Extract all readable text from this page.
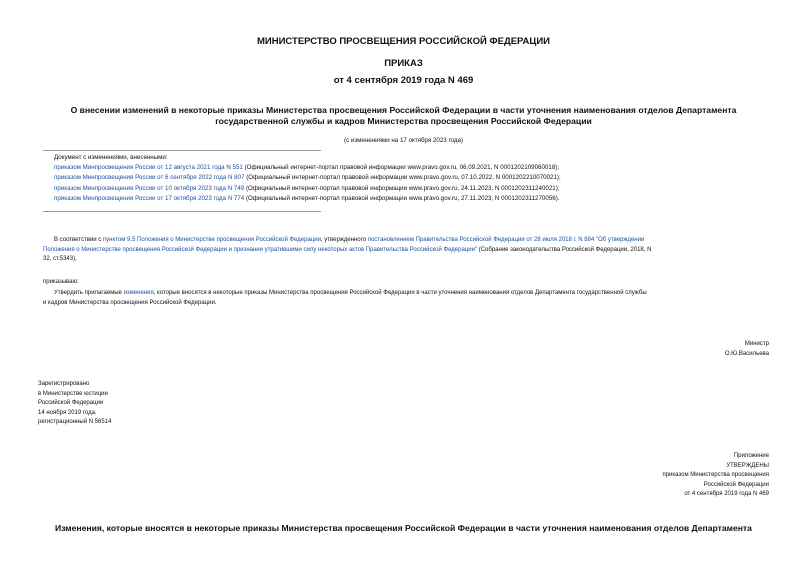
МИНИСТЕРСТВО ПРОСВЕЩЕНИЯ РОССИЙСКОЙ ФЕДЕРАЦИИ
ПРИКАЗ
от 4 сентября 2019 года N 469
О внесении изменений в некоторые приказы Министерства просвещения Российской Федерации в части уточнения наименования отделов Департамента
государственной службы и кадров Министерства просвещения Российской Федерации
(с изменениями на 17 октября 2023 года)
Документ с изменениями, внесенными:
приказом Минпросвещения России от 12 августа 2021 года N 551 (Официальный интернет-портал правовой информации www.pravo.gov.ru, 06.09.2021, N 0001202109060018);
приказом Минпросвещения России от 6 сентября 2022 года N 807 (Официальный интернет-портал правовой информации www.pravo.gov.ru, 07.10.2022, N 0001202210070021);
приказом Минпросвещения России от 10 октября 2023 года N 749 (Официальный интернет-портал правовой информации www.pravo.gov.ru, 24.11.2023, N 0001202311240021);
приказом Минпросвещения России от 17 октября 2023 года N 774 (Официальный интернет-портал правовой информации www.pravo.gov.ru, 27.11.2023, N 0001202311270056).
В соответствии с пунктом 9.5 Положения о Министерстве просвещения Российской Федерации, утвержденного постановлением Правительства Российской Федерации от 28 июля 2018 г. N 884 "Об утверждении
Положения о Министерстве просвещения Российской Федерации и признании утратившими силу некоторых актов Правительства Российской Федерации" (Собрание законодательства Российской Федерации, 2018, N
32, ст.5343),
приказываю:
Утвердить прилагаемые изменения, которые вносятся в некоторые приказы Министерства просвещения Российской Федерации в части уточнения наименования отделов Департамента государственной службы
и кадров Министерства просвещения Российской Федерации.
Министр
О.Ю.Васильева
Зарегистрировано
в Министерстве юстиции
Российской Федерации
14 ноября 2019 года,
регистрационный N 56514
Приложение
УТВЕРЖДЕНЫ
приказом Министерства просвещения
Российской Федерации
от 4 сентября 2019 года N 469
Изменения, которые вносятся в некоторые приказы Министерства просвещения Российской Федерации в части уточнения наименования отделов Департамента
